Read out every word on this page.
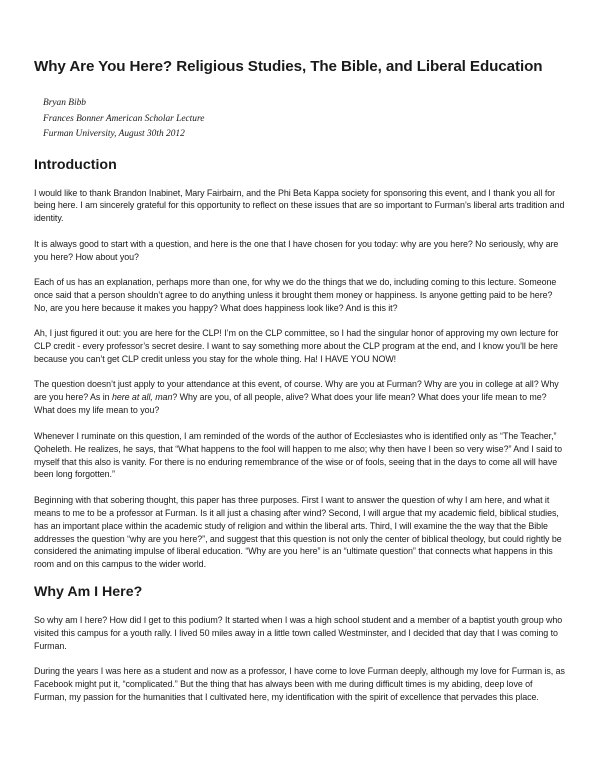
Why Are You Here? Religious Studies, The Bible, and Liberal Education
Bryan Bibb
Frances Bonner American Scholar Lecture
Furman University, August 30th 2012
Introduction

I would like to thank Brandon Inabinet, Mary Fairbairn, and the Phi Beta Kappa society for sponsoring this event, and I thank you all for being here. I am sincerely grateful for this opportunity to reflect on these issues that are so important to Furman’s liberal arts tradition and identity.

It is always good to start with a question, and here is the one that I have chosen for you today: why are you here? No seriously, why are you here? How about you?

Each of us has an explanation, perhaps more than one, for why we do the things that we do, including coming to this lecture. Someone once said that a person shouldn’t agree to do anything unless it brought them money or happiness. Is anyone getting paid to be here? No, are you here because it makes you happy? What does happiness look like? And is this it?

Ah, I just figured it out: you are here for the CLP! I’m on the CLP committee, so I had the singular honor of approving my own lecture for CLP credit - every professor’s secret desire. I want to say something more about the CLP program at the end, and I know you’ll be here because you can’t get CLP credit unless you stay for the whole thing. Ha! I HAVE YOU NOW!

The question doesn’t just apply to your attendance at this event, of course. Why are you at Furman? Why are you in college at all? Why are you here? As in here at all, man? Why are you, of all people, alive? What does your life mean? What does your life mean to me? What does my life mean to you?

Whenever I ruminate on this question, I am reminded of the words of the author of Ecclesiastes who is identified only as “The Teacher,” Qoheleth. He realizes, he says, that “What happens to the fool will happen to me also; why then have I been so very wise?” And I said to myself that this also is vanity. For there is no enduring remembrance of the wise or of fools, seeing that in the days to come all will have been long forgotten.”

Beginning with that sobering thought, this paper has three purposes. First I want to answer the question of why I am here, and what it means to me to be a professor at Furman. Is it all just a chasing after wind? Second, I will argue that my academic field, biblical studies, has an important place within the academic study of religion and within the liberal arts. Third, I will examine the the way that the Bible addresses the question “why are you here?”, and suggest that this question is not only the center of biblical theology, but could rightly be considered the animating impulse of liberal education. “Why are you here” is an “ultimate question” that connects what happens in this room and on this campus to the wider world.

Why Am I Here?

So why am I here? How did I get to this podium? It started when I was a high school student and a member of a baptist youth group who visited this campus for a youth rally. I lived 50 miles away in a little town called Westminster, and I decided that day that I was coming to Furman.

During the years I was here as a student and now as a professor, I have come to love Furman deeply, although my love for Furman is, as Facebook might put it, “complicated.” But the thing that has always been with me during difficult times is my abiding, deep love of Furman, my passion for the humanities that I cultivated here, my identification with the spirit of excellence that pervades this place.
